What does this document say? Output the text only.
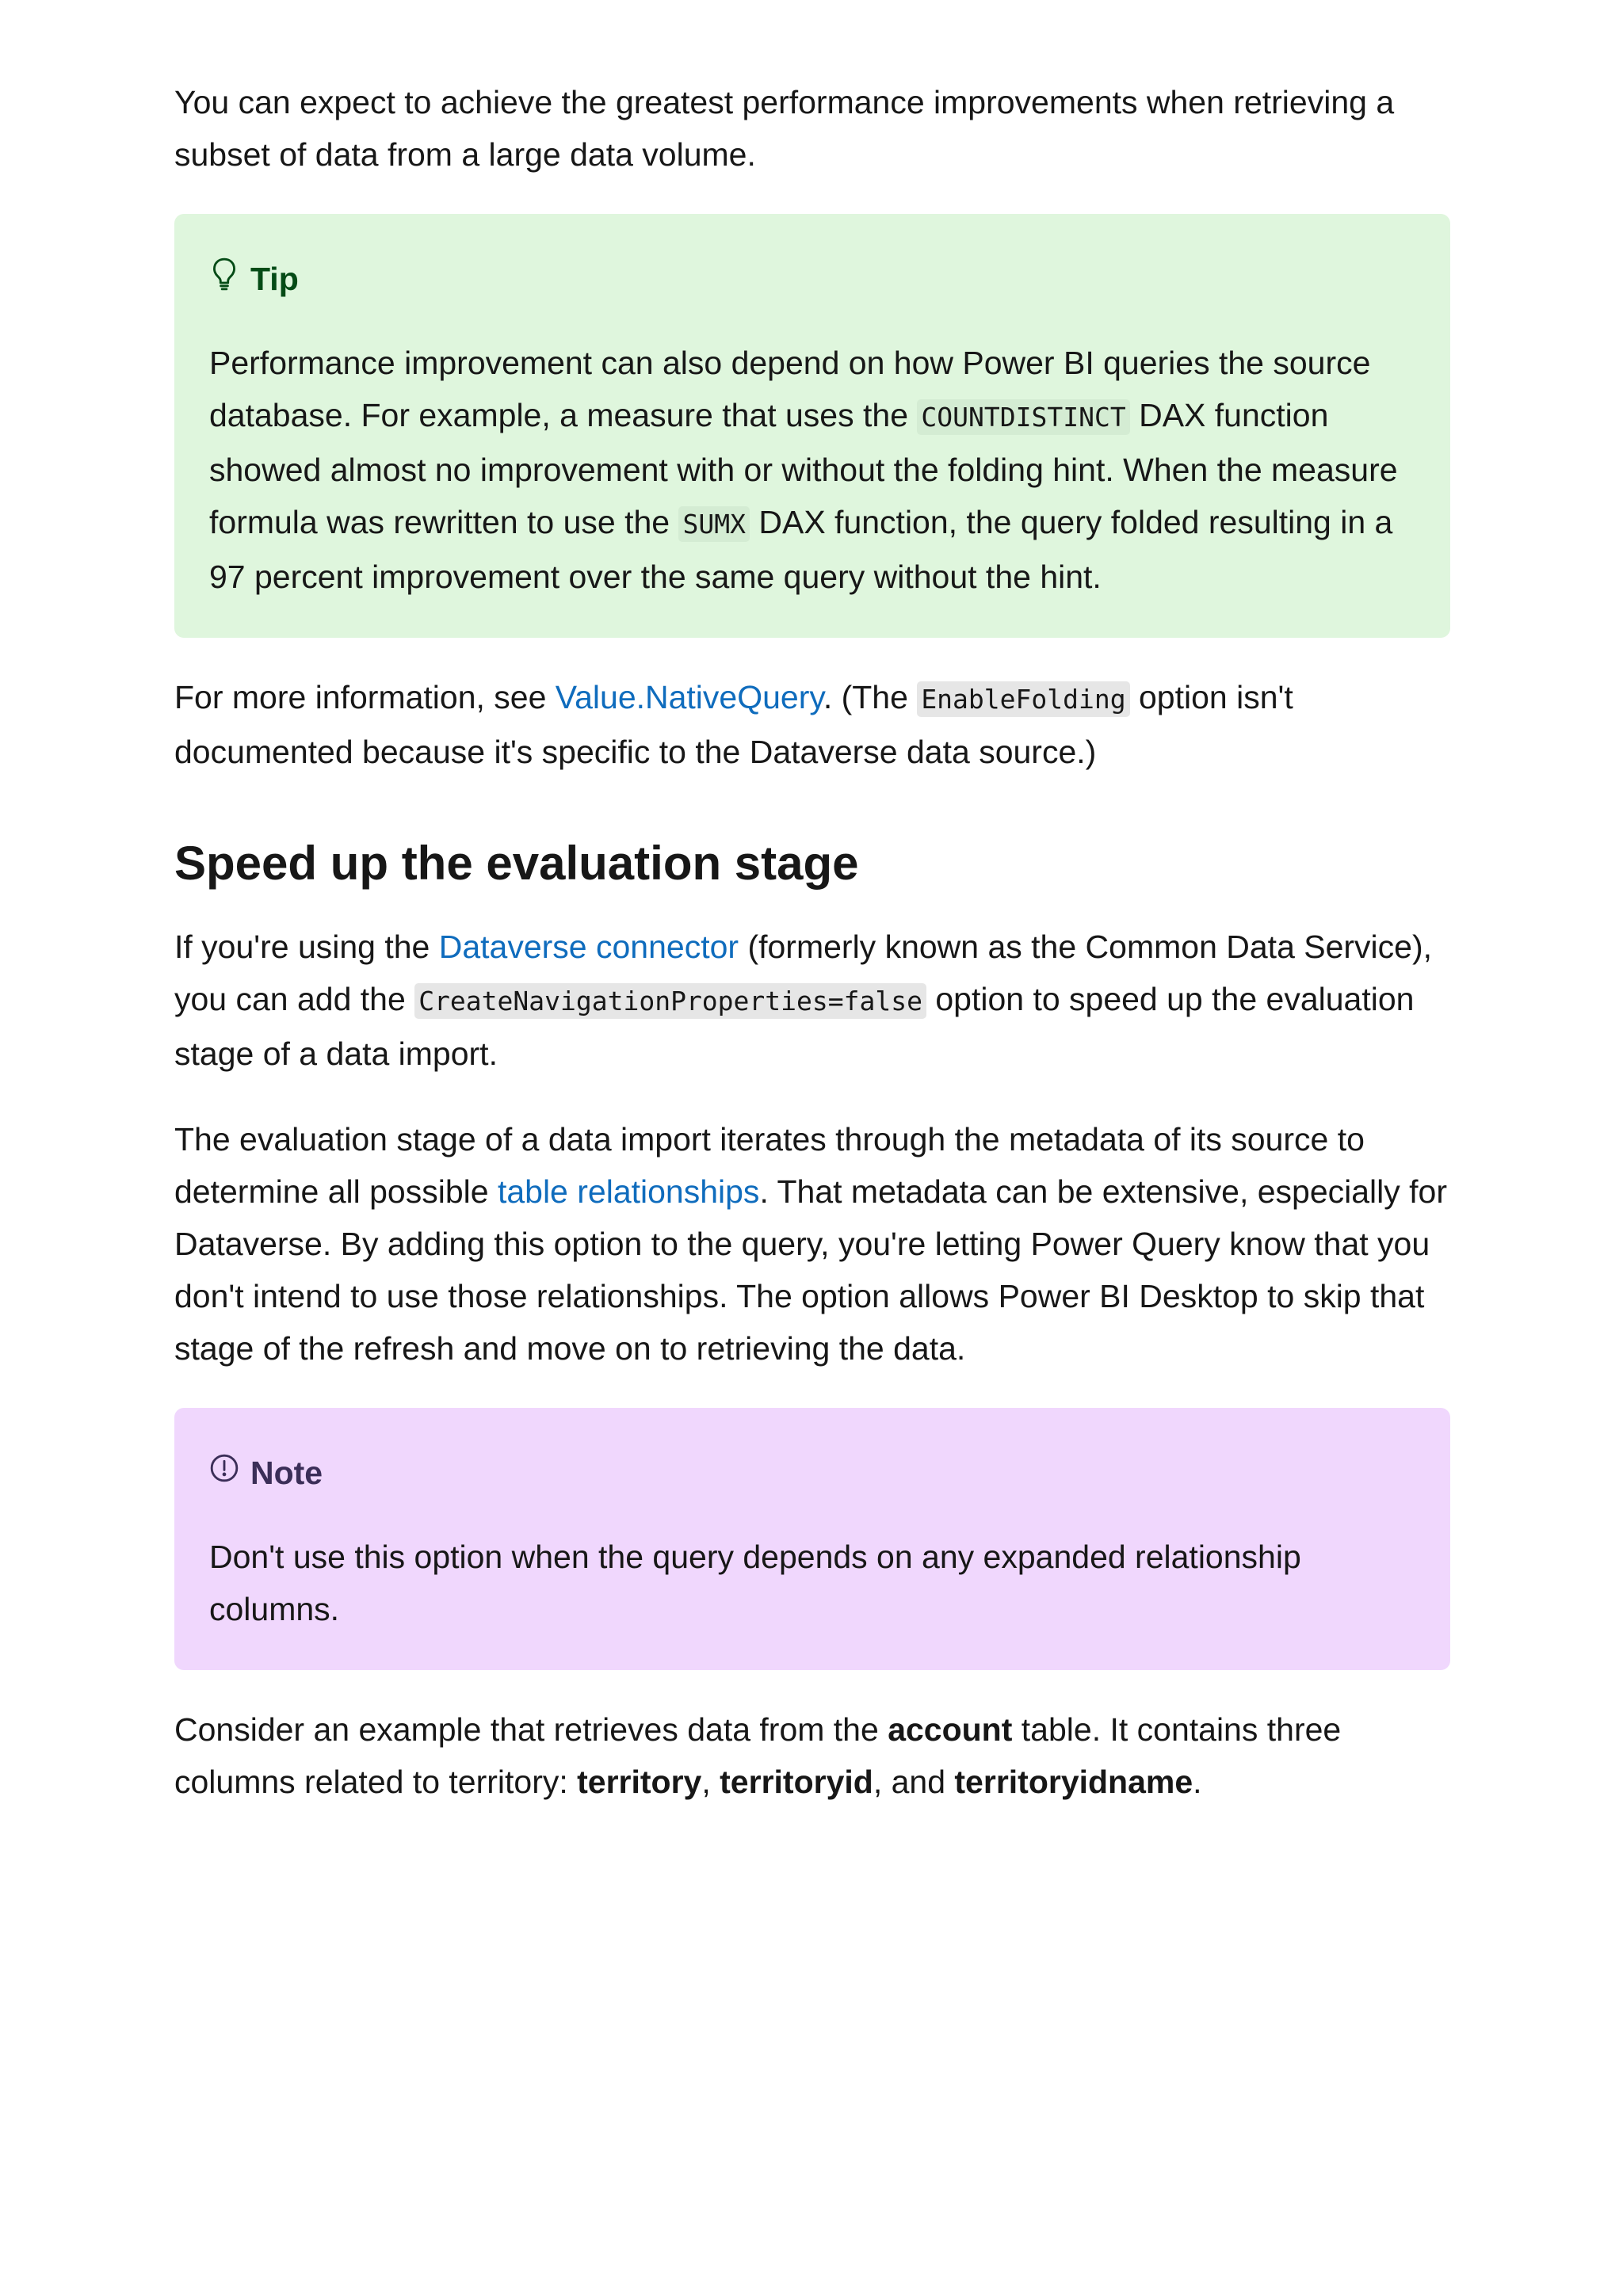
You can expect to achieve the greatest performance improvements when retrieving a subset of data from a large data volume.

Tip

Performance improvement can also depend on how Power BI queries the source database. For example, a measure that uses the COUNTDISTINCT DAX function showed almost no improvement with or without the folding hint. When the measure formula was rewritten to use the SUMX DAX function, the query folded resulting in a 97 percent improvement over the same query without the hint.

For more information, see Value.NativeQuery. (The EnableFolding option isn't documented because it's specific to the Dataverse data source.)

Speed up the evaluation stage

If you're using the Dataverse connector (formerly known as the Common Data Service), you can add the CreateNavigationProperties=false option to speed up the evaluation stage of a data import.

The evaluation stage of a data import iterates through the metadata of its source to determine all possible table relationships. That metadata can be extensive, especially for Dataverse. By adding this option to the query, you're letting Power Query know that you don't intend to use those relationships. The option allows Power BI Desktop to skip that stage of the refresh and move on to retrieving the data.

Note

Don't use this option when the query depends on any expanded relationship columns.

Consider an example that retrieves data from the account table. It contains three columns related to territory: territory, territoryid, and territoryidname.
